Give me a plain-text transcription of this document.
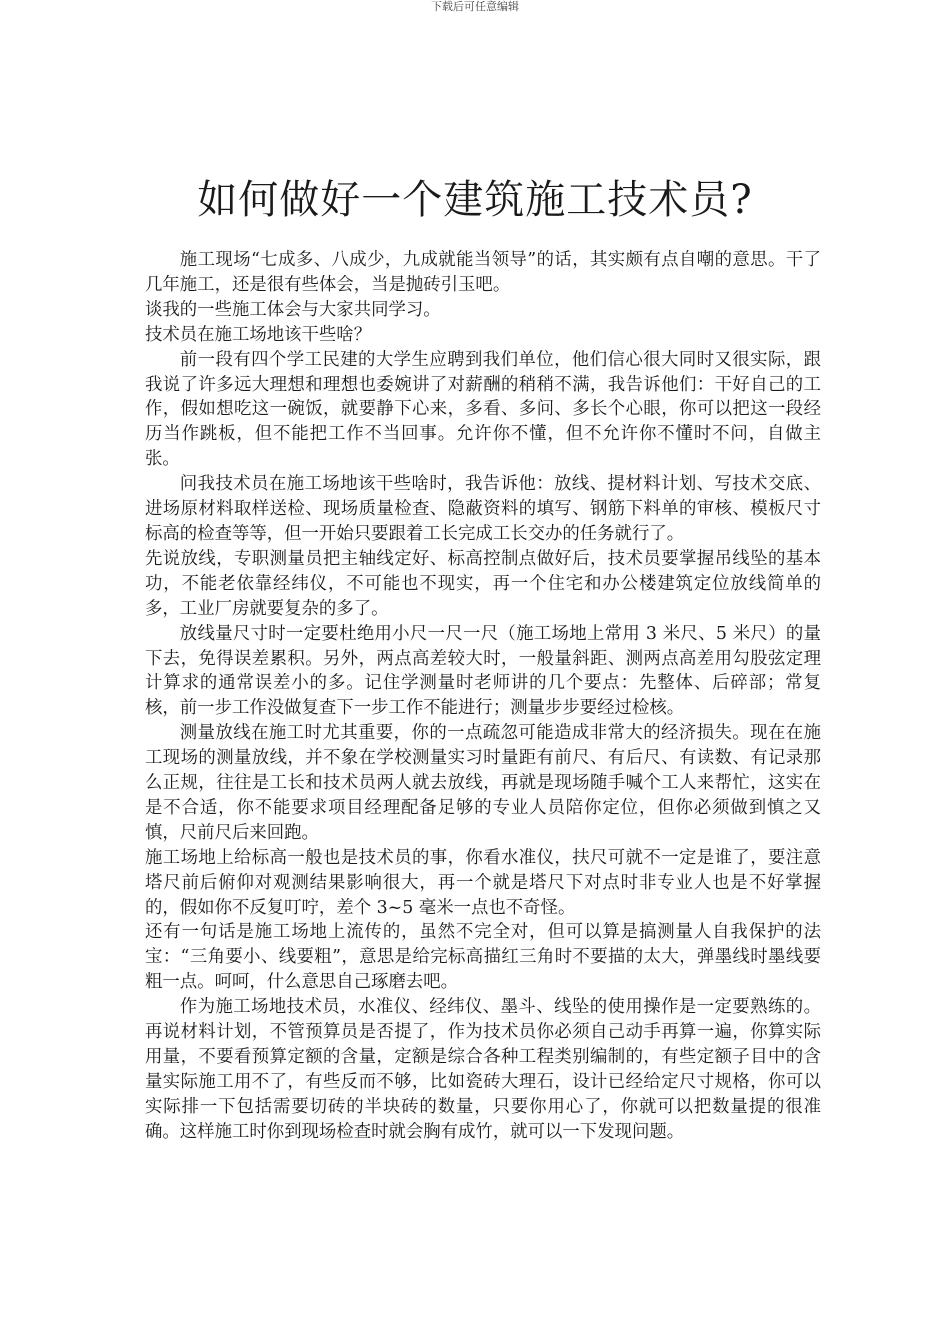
下载后可任意编辑
如何做好一个建筑施工技术员?

施工现场“七成多、八成少，九成就能当领导”的话，其实颇有点自嘲的意思。干了几年施工，还是很有些体会，当是抛砖引玉吧。

谈我的一些施工体会与大家共同学习。

技术员在施工场地该干些啥？

前一段有四个学工民建的大学生应聘到我们单位，他们信心很大同时又很实际，跟我说了许多远大理想和理想也委婉讲了对薪酬的稍稍不满，我告诉他们：干好自己的工作，假如想吃这一碗饭，就要静下心来，多看、多问、多长个心眼，你可以把这一段经历当作跳板，但不能把工作不当回事。允许你不懂，但不允许你不懂时不问，自做主张。

问我技术员在施工场地该干些啥时，我告诉他：放线、提材料计划、写技术交底、进场原材料取样送检、现场质量检查、隐蔽资料的填写、钢筋下料单的审核、模板尺寸标高的检查等等，但一开始只要跟着工长完成工长交办的任务就行了。

先说放线，专职测量员把主轴线定好、标高控制点做好后，技术员要掌握吊线坠的基本功，不能老依靠经纬仪，不可能也不现实，再一个住宅和办公楼建筑定位放线简单的多，工业厂房就要复杂的多了。

放线量尺寸时一定要杜绝用小尺一尺一尺（施工场地上常用 3 米尺、5 米尺）的量下去，免得误差累积。另外，两点高差较大时，一般量斜距、测两点高差用勾股弦定理计算求的通常误差小的多。记住学测量时老师讲的几个要点：先整体、后碎部；常复核，前一步工作没做复查下一步工作不能进行；测量步步要经过检核。

测量放线在施工时尤其重要，你的一点疏忽可能造成非常大的经济损失。现在在施工现场的测量放线，并不象在学校测量实习时量距有前尺、有后尺、有读数、有记录那么正规，往往是工长和技术员两人就去放线，再就是现场随手喊个工人来帮忙，这实在是不合适，你不能要求项目经理配备足够的专业人员陪你定位，但你必须做到慎之又慎，尺前尺后来回跑。

施工场地上给标高一般也是技术员的事，你看水准仪，扶尺可就不一定是谁了，要注意塔尺前后俯仰对观测结果影响很大，再一个就是塔尺下对点时非专业人也是不好掌握的，假如你不反复叮咛，差个 3~5 毫米一点也不奇怪。

还有一句话是施工场地上流传的，虽然不完全对，但可以算是搞测量人自我保护的法宝：“三角要小、线要粗”，意思是给完标高描红三角时不要描的太大，弹墨线时墨线要粗一点。呵呵，什么意思自己琢磨去吧。

作为施工场地技术员，水准仪、经纬仪、墨斗、线坠的使用操作是一定要熟练的。 再说材料计划，不管预算员是否提了，作为技术员你必须自己动手再算一遍，你算实际用量，不要看预算定额的含量，定额是综合各种工程类别编制的，有些定额子目中的含量实际施工用不了，有些反而不够，比如瓷砖大理石，设计已经给定尺寸规格，你可以实际排一下包括需要切砖的半块砖的数量，只要你用心了，你就可以把数量提的很准确。这样施工时你到现场检查时就会胸有成竹，就可以一下发现问题。
